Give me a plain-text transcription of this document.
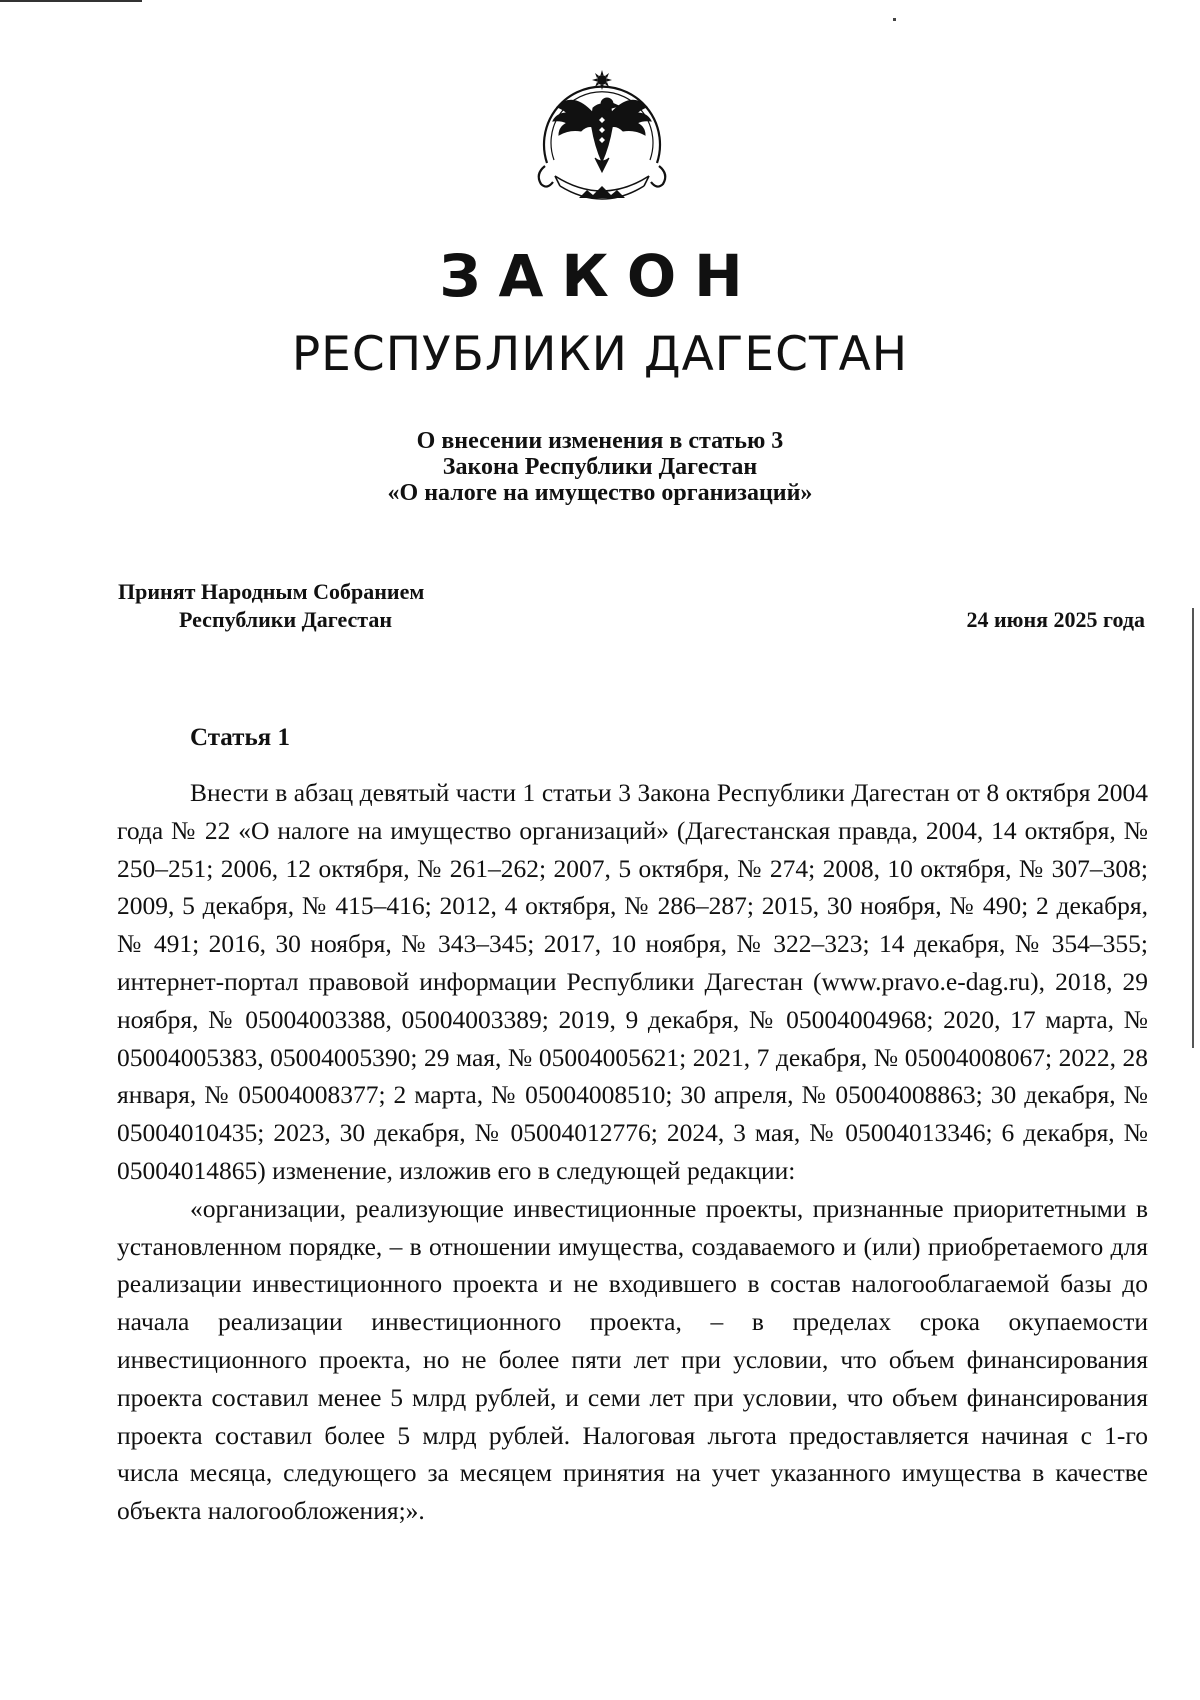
ЗАКОН
РЕСПУБЛИКИ ДАГЕСТАН
О внесении изменения в статью 3
Закона Республики Дагестан
«О налоге на имущество организаций»
Принят Народным Собранием
Республики Дагестан	24 июня 2025 года
Статья 1

Внести в абзац девятый части 1 статьи 3 Закона Республики Дагестан от 8 октября 2004 года № 22 «О налоге на имущество организаций» (Дагестанская правда, 2004, 14 октября, № 250–251; 2006, 12 октября, № 261–262; 2007, 5 октября, № 274; 2008, 10 октября, № 307–308; 2009, 5 декабря, № 415–416; 2012, 4 октября, № 286–287; 2015, 30 ноября, № 490; 2 декабря, № 491; 2016, 30 ноября, № 343–345; 2017, 10 ноября, № 322–323; 14 декабря, № 354–355; интернет-портал правовой информации Республики Дагестан (www.pravo.e-dag.ru), 2018, 29 ноября, № 05004003388, 05004003389; 2019, 9 декабря, № 05004004968; 2020, 17 марта, № 05004005383, 05004005390; 29 мая, № 05004005621; 2021, 7 декабря, № 05004008067; 2022, 28 января, № 05004008377; 2 марта, № 05004008510; 30 апреля, № 05004008863; 30 декабря, № 05004010435; 2023, 30 декабря, № 05004012776; 2024, 3 мая, № 05004013346; 6 декабря, № 05004014865) изменение, изложив его в следующей редакции:

«организации, реализующие инвестиционные проекты, признанные приоритетными в установленном порядке, – в отношении имущества, создаваемого и (или) приобретаемого для реализации инвестиционного проекта и не входившего в состав налогооблагаемой базы до начала реализации инвестиционного проекта, – в пределах срока окупаемости инвестиционного проекта, но не более пяти лет при условии, что объем финансирования проекта составил менее 5 млрд рублей, и семи лет при условии, что объем финансирования проекта составил более 5 млрд рублей. Налоговая льгота предоставляется начиная с 1-го числа месяца, следующего за месяцем принятия на учет указанного имущества в качестве объекта налогообложения;».
